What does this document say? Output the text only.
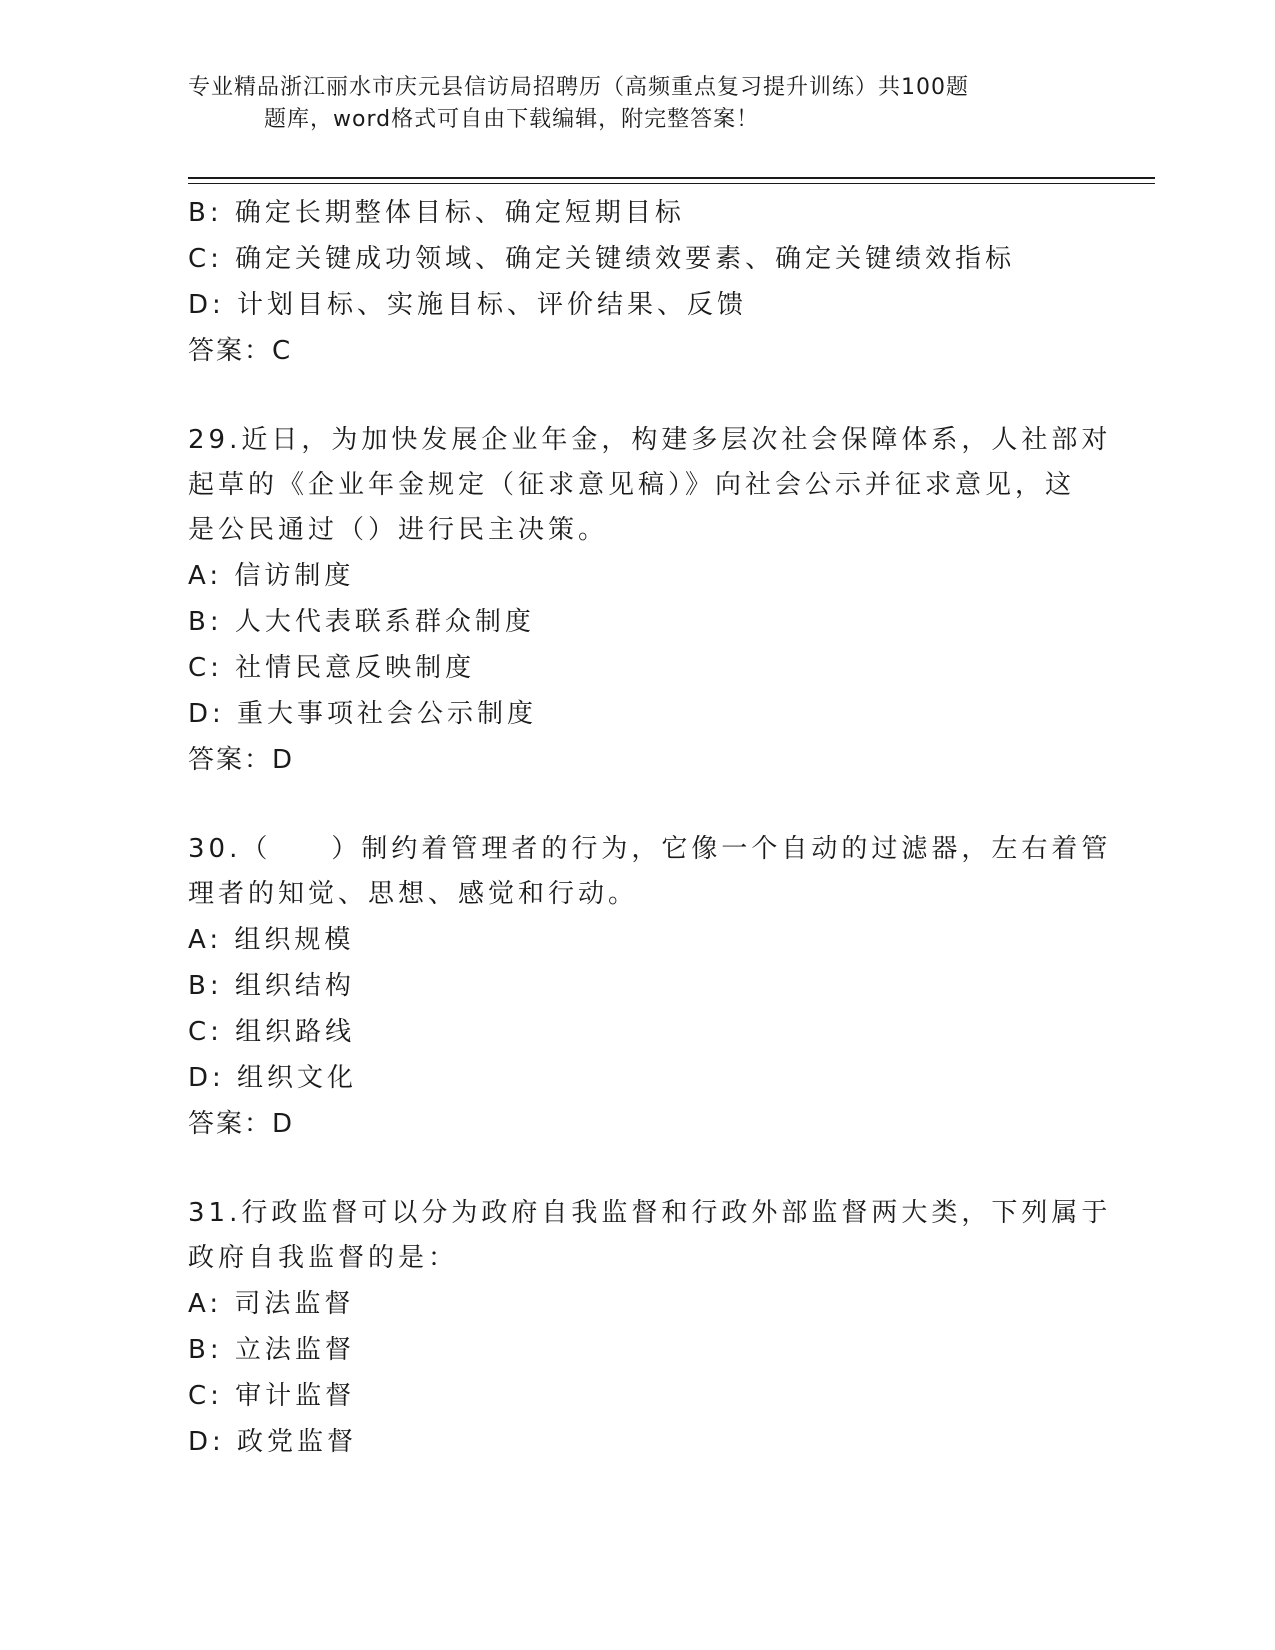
专业精品浙江丽水市庆元县信访局招聘历（高频重点复习提升训练）共100题
题库，word格式可自由下载编辑，附完整答案！
B: 确定长期整体目标、确定短期目标
C: 确定关键成功领域、确定关键绩效要素、确定关键绩效指标
D: 计划目标、实施目标、评价结果、反馈
答案：C
29.近日，为加快发展企业年金，构建多层次社会保障体系，人社部对
起草的《企业年金规定（征求意见稿）》向社会公示并征求意见，这
是公民通过（）进行民主决策。
A: 信访制度
B: 人大代表联系群众制度
C: 社情民意反映制度
D: 重大事项社会公示制度
答案：D
30.（　　）制约着管理者的行为，它像一个自动的过滤器，左右着管
理者的知觉、思想、感觉和行动。
A: 组织规模
B: 组织结构
C: 组织路线
D: 组织文化
答案：D
31.行政监督可以分为政府自我监督和行政外部监督两大类，下列属于
政府自我监督的是：
A: 司法监督
B: 立法监督
C: 审计监督
D: 政党监督
